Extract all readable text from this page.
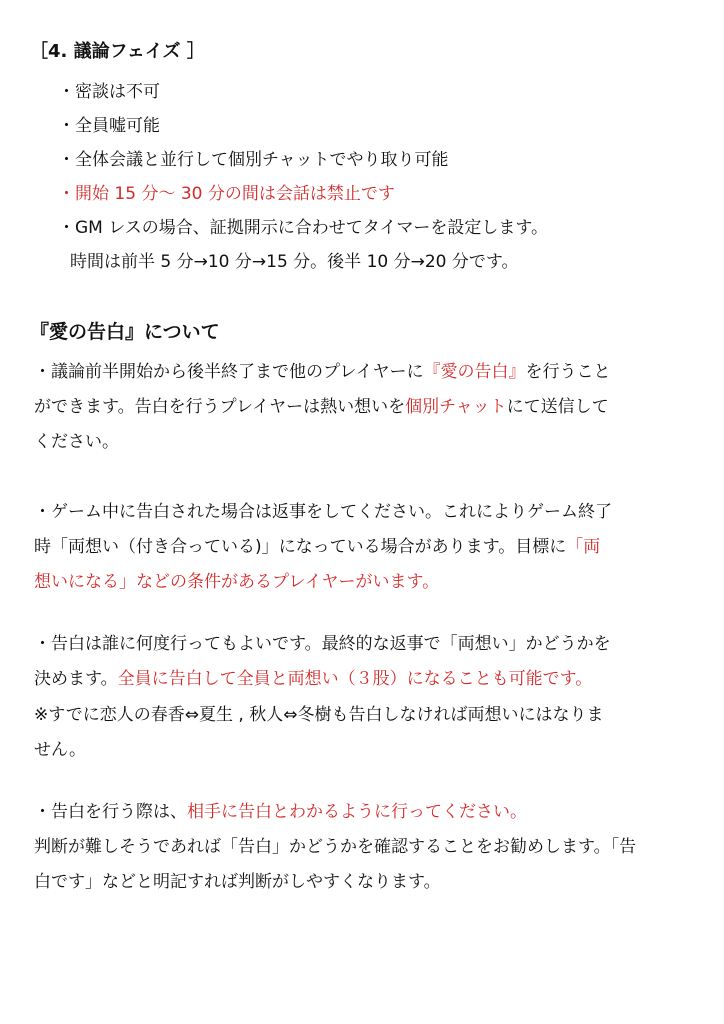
［4. 議論フェイズ ］
・密談は不可
・全員嘘可能
・全体会議と並行して個別チャットでやり取り可能
・開始 15 分～ 30 分の間は会話は禁止です
・GM レスの場合、証拠開示に合わせてタイマーを設定します。
時間は前半 5 分→10 分→15 分。後半 10 分→20 分です。
『愛の告白』について
・議論前半開始から後半終了まで他のプレイヤーに『愛の告白』を行うこと
ができます。告白を行うプレイヤーは熱い想いを個別チャットにて送信して
ください。
・ゲーム中に告白された場合は返事をしてください。これによりゲーム終了
時「両想い（付き合っている)」になっている場合があります。目標に「両
想いになる」などの条件があるプレイヤーがいます。
・告白は誰に何度行ってもよいです。最終的な返事で「両想い」かどうかを
決めます。全員に告白して全員と両想い（３股）になることも可能です。
※すでに恋人の春香⇔夏生 , 秋人⇔冬樹も告白しなければ両想いにはなりま
せん。
・告白を行う際は、相手に告白とわかるように行ってください。
判断が難しそうであれば「告白」かどうかを確認することをお勧めします。「告
白です」などと明記すれば判断がしやすくなります。
